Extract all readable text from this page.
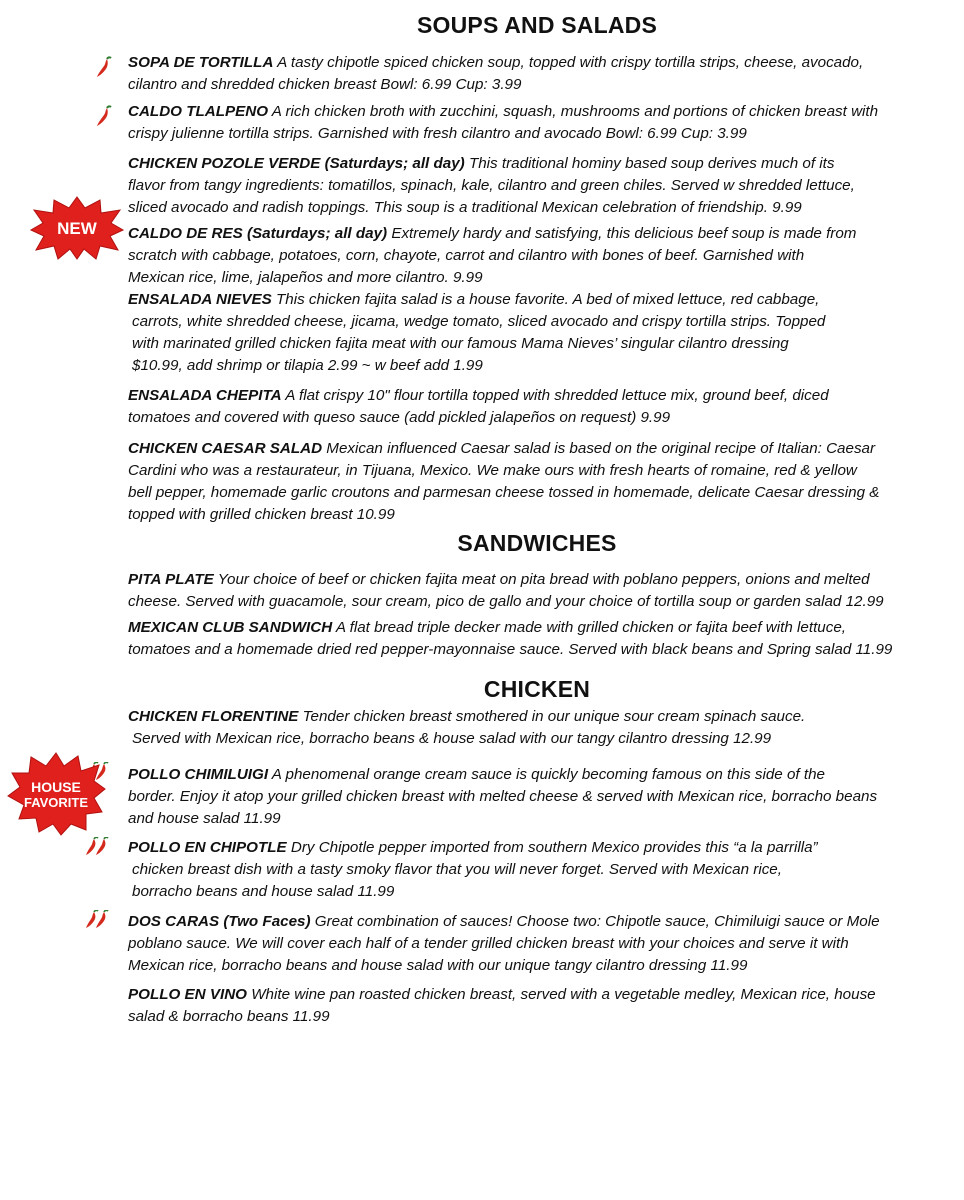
SOUPS AND SALADS
SANDWICHES
CHICKEN
NEW
HOUSE
FAVORITE
SOPA DE TORTILLA A tasty chipotle spiced chicken soup, topped with crispy tortilla strips, cheese, avocado,
cilantro and shredded chicken breast Bowl: 6.99 Cup: 3.99
CALDO TLALPENO A rich chicken broth with zucchini, squash, mushrooms and portions of chicken breast with
crispy julienne tortilla strips. Garnished with fresh cilantro and avocado Bowl: 6.99 Cup: 3.99
CHICKEN POZOLE VERDE (Saturdays; all day) This traditional hominy based soup derives much of its
flavor from tangy ingredients: tomatillos, spinach, kale, cilantro and green chiles. Served w shredded lettuce,
sliced avocado and radish toppings. This soup is a traditional Mexican celebration of friendship. 9.99
CALDO DE RES (Saturdays; all day) Extremely hardy and satisfying, this delicious beef soup is made from
scratch with cabbage, potatoes, corn, chayote, carrot and cilantro with bones of beef. Garnished with
Mexican rice, lime, jalapeños and more cilantro. 9.99
ENSALADA NIEVES This chicken fajita salad is a house favorite. A bed of mixed lettuce, red cabbage,
carrots, white shredded cheese, jicama, wedge tomato, sliced avocado and crispy tortilla strips. Topped
with marinated grilled chicken fajita meat with our famous Mama Nieves’ singular cilantro dressing
$10.99, add shrimp or tilapia 2.99 ~ w beef add 1.99
ENSALADA CHEPITA A flat crispy 10" flour tortilla topped with shredded lettuce mix, ground beef, diced
tomatoes and covered with queso sauce (add pickled jalapeños on request) 9.99
CHICKEN CAESAR SALAD Mexican influenced Caesar salad is based on the original recipe of Italian: Caesar
Cardini who was a restaurateur, in Tijuana, Mexico. We make ours with fresh hearts of romaine, red & yellow
bell pepper, homemade garlic croutons and parmesan cheese tossed in homemade, delicate Caesar dressing &
topped with grilled chicken breast 10.99
PITA PLATE Your choice of beef or chicken fajita meat on pita bread with poblano peppers, onions and melted
cheese. Served with guacamole, sour cream, pico de gallo and your choice of tortilla soup or garden salad 12.99
MEXICAN CLUB SANDWICH A flat bread triple decker made with grilled chicken or fajita beef with lettuce,
tomatoes and a homemade dried red pepper-mayonnaise sauce. Served with black beans and Spring salad 11.99
CHICKEN FLORENTINE Tender chicken breast smothered in our unique sour cream spinach sauce.
Served with Mexican rice, borracho beans & house salad with our tangy cilantro dressing 12.99
POLLO CHIMILUIGI A phenomenal orange cream sauce is quickly becoming famous on this side of the
border. Enjoy it atop your grilled chicken breast with melted cheese & served with Mexican rice, borracho beans
and house salad 11.99
POLLO EN CHIPOTLE Dry Chipotle pepper imported from southern Mexico provides this “a la parrilla”
chicken breast dish with a tasty smoky flavor that you will never forget. Served with Mexican rice,
borracho beans and house salad 11.99
DOS CARAS (Two Faces) Great combination of sauces! Choose two: Chipotle sauce, Chimiluigi sauce or Mole
poblano sauce. We will cover each half of a tender grilled chicken breast with your choices and serve it with
Mexican rice, borracho beans and house salad with our unique tangy cilantro dressing 11.99
POLLO EN VINO White wine pan roasted chicken breast, served with a vegetable medley, Mexican rice, house
salad & borracho beans 11.99
